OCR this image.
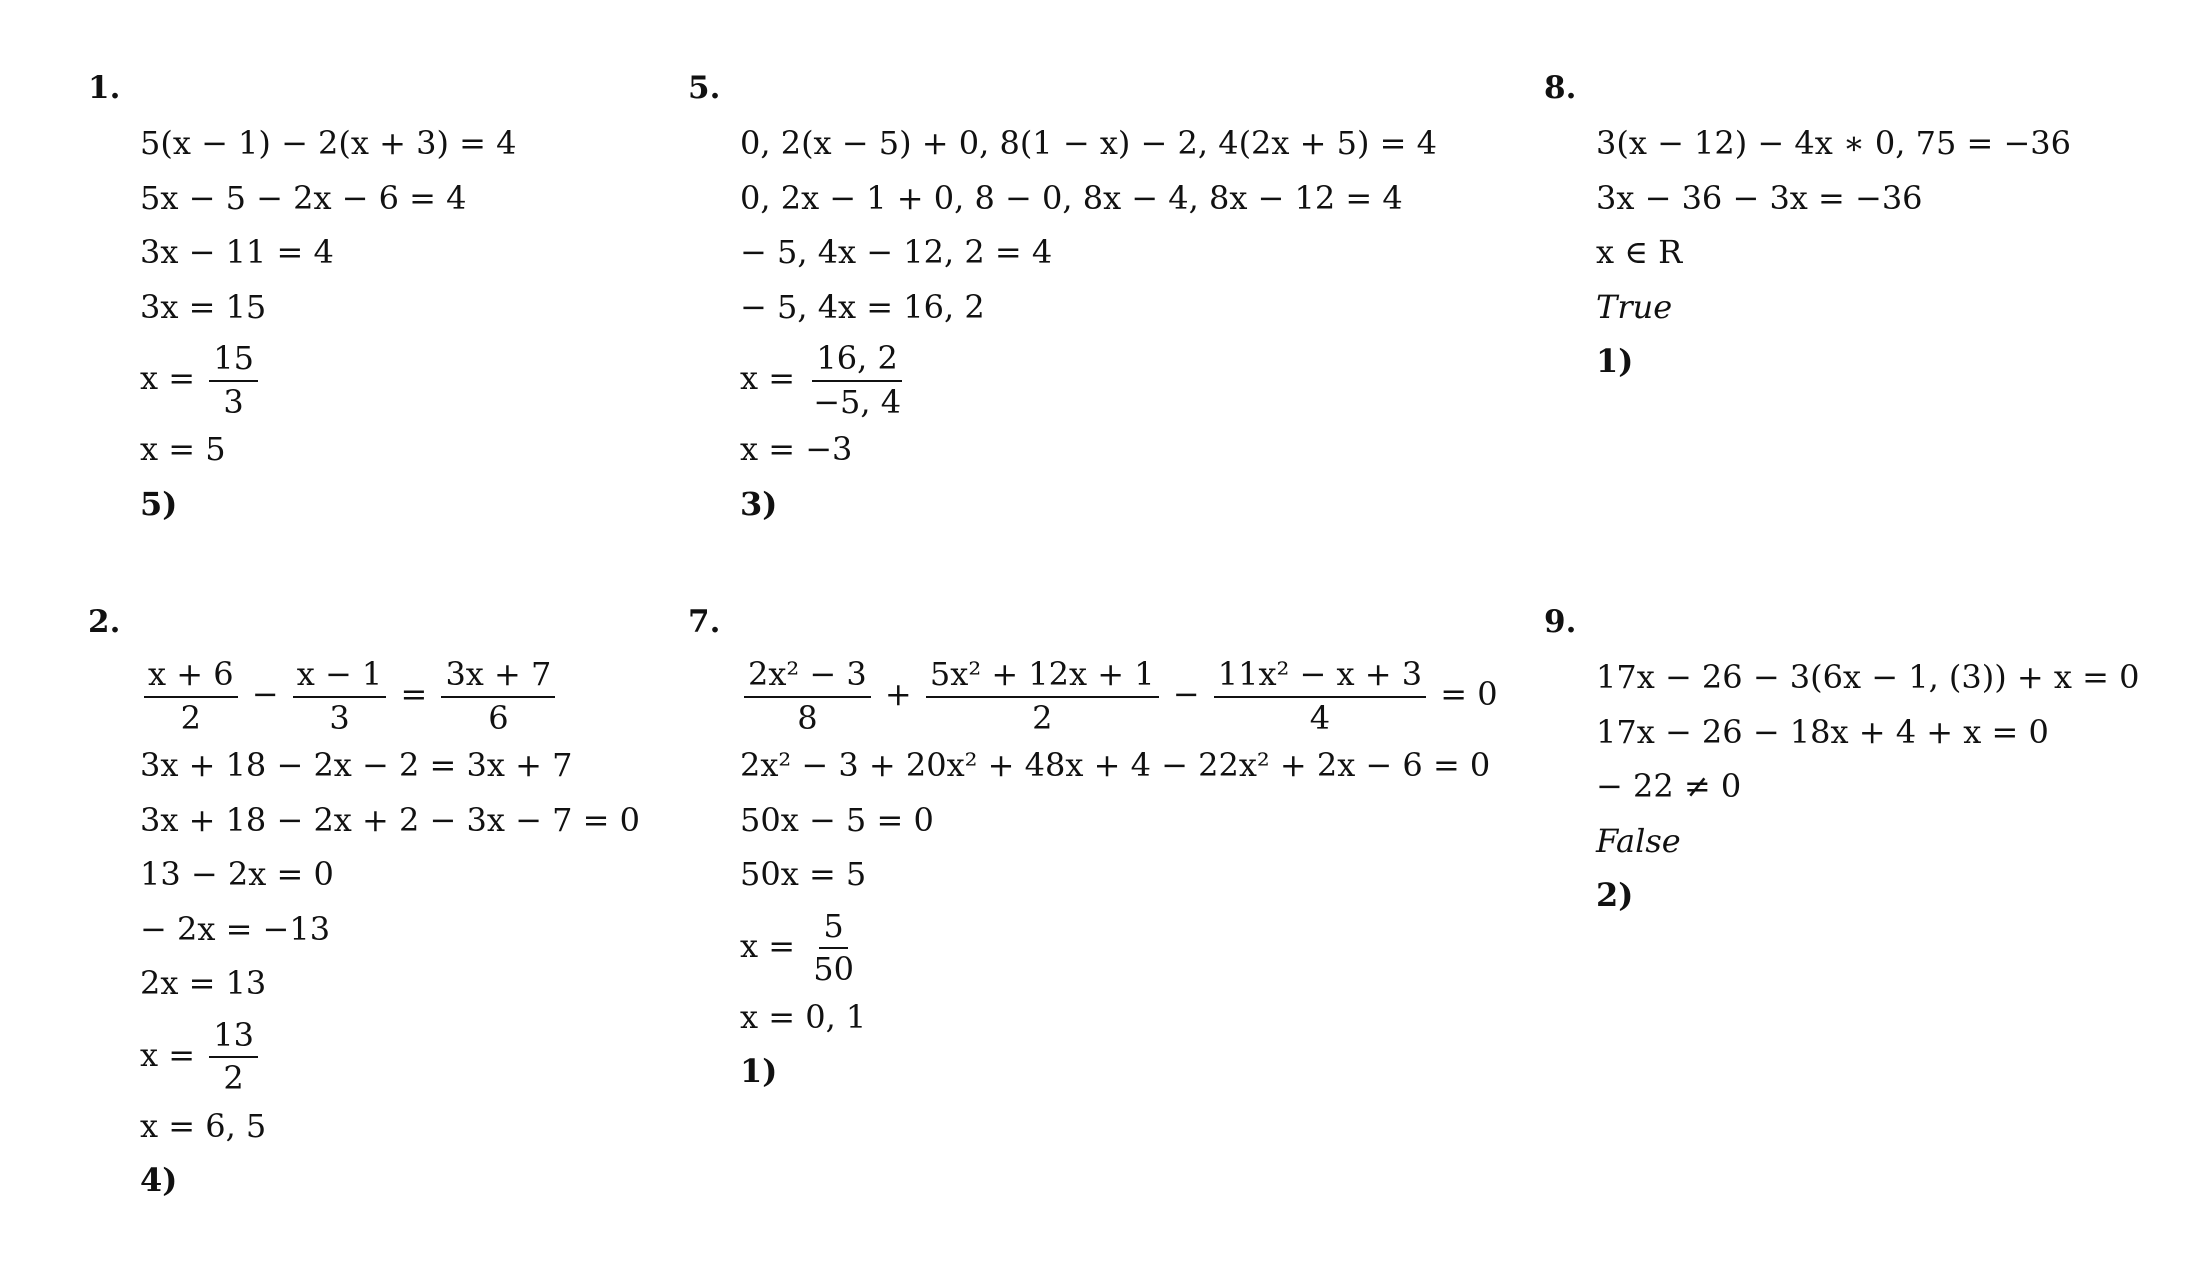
1.
5(x − 1) − 2(x + 3) = 4
5x − 5 − 2x − 6 = 4
3x − 11 = 4
3x = 15
$x = \frac{15}{3}$
x = 5
5)
5.
0, 2(x − 5) + 0, 8(1 − x) − 2, 4(2x + 5) = 4
0, 2x − 1 + 0, 8 − 0, 8x − 4, 8x − 12 = 4
− 5, 4x − 12, 2 = 4
− 5, 4x = 16, 2
$x = \frac{16, 2}{-5, 4}$
x = −3
3)
8.
3(x − 12) − 4x ∗ 0, 75 = −36
3x − 36 − 3x = −36
x ∈ R
True
1)
2.
$\frac{x + 6}{2} - \frac{x - 1}{3} = \frac{3x + 7}{6}$
3x + 18 − 2x − 2 = 3x + 7
3x + 18 − 2x + 2 − 3x − 7 = 0
13 − 2x = 0
− 2x = −13
2x = 13
$x = \frac{13}{2}$
x = 6, 5
4)
7.
$\frac{\text{2x² − 3}}{8} + \frac{\text{5x² + 12x + 1}}{2} - \frac{\text{11x² − x + 3}}{4} = 0$
2x² − 3 + 20x² + 48x + 4 − 22x² + 2x − 6 = 0
50x − 5 = 0
50x = 5
$x = \frac{5}{50}$
x = 0, 1
1)
9.
17x − 26 − 3(6x − 1, (3)) + x = 0
17x − 26 − 18x + 4 + x = 0
− 22 ≠ 0
False
2)
